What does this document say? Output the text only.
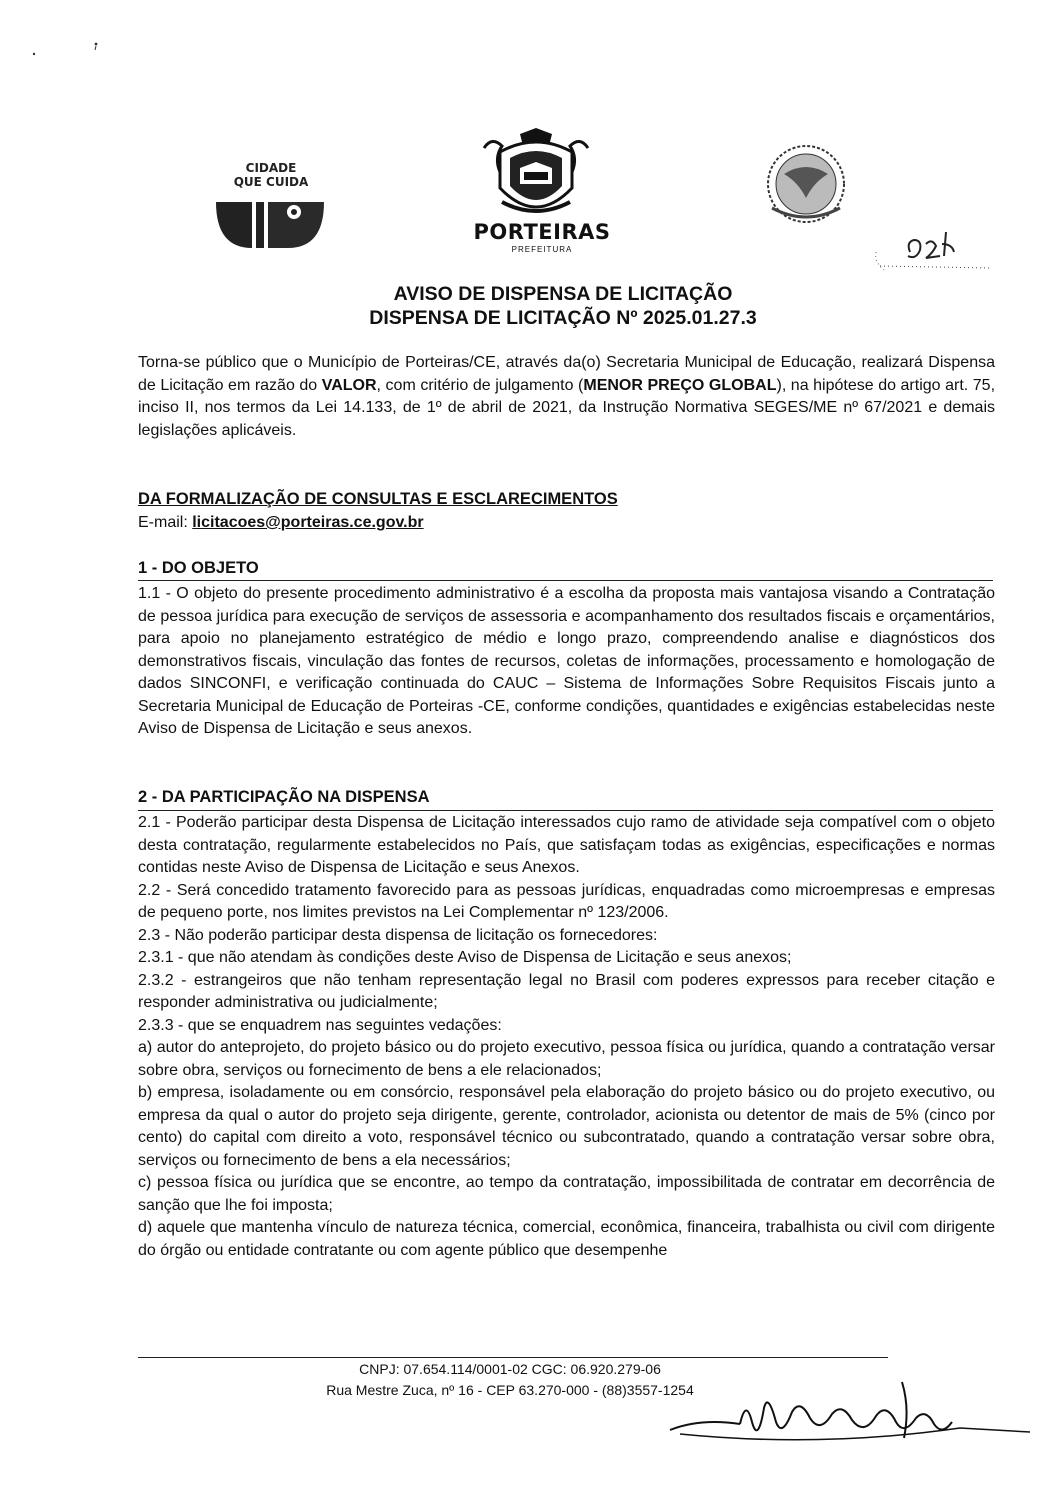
CIDADE
QUE CUIDA
PORTEIRAS
PREFEITURA
AVISO DE DISPENSA DE LICITAÇÃO
DISPENSA DE LICITAÇÃO Nº 2025.01.27.3

Torna-se público que o Município de Porteiras/CE, através da(o) Secretaria Municipal de Educação, realizará Dispensa de Licitação em razão do VALOR, com critério de julgamento (MENOR PREÇO GLOBAL), na hipótese do artigo art. 75, inciso II, nos termos da Lei 14.133, de 1º de abril de 2021, da Instrução Normativa SEGES/ME nº 67/2021 e demais legislações aplicáveis.

DA FORMALIZAÇÃO DE CONSULTAS E ESCLARECIMENTOS
E-mail: licitacoes@porteiras.ce.gov.br
1 - DO OBJETO
1.1 - O objeto do presente procedimento administrativo é a escolha da proposta mais vantajosa visando a Contratação de pessoa jurídica para execução de serviços de assessoria e acompanhamento dos resultados fiscais e orçamentários, para apoio no planejamento estratégico de médio e longo prazo, compreendendo analise e diagnósticos dos demonstrativos fiscais, vinculação das fontes de recursos, coletas de informações, processamento e homologação de dados SINCONFI, e verificação continuada do CAUC – Sistema de Informações Sobre Requisitos Fiscais junto a Secretaria Municipal de Educação de Porteiras -CE, conforme condições, quantidades e exigências estabelecidas neste Aviso de Dispensa de Licitação e seus anexos.
2 - DA PARTICIPAÇÃO NA DISPENSA

2.1 - Poderão participar desta Dispensa de Licitação interessados cujo ramo de atividade seja compatível com o objeto desta contratação, regularmente estabelecidos no País, que satisfaçam todas as exigências, especificações e normas contidas neste Aviso de Dispensa de Licitação e seus Anexos.

2.2 - Será concedido tratamento favorecido para as pessoas jurídicas, enquadradas como microempresas e empresas de pequeno porte, nos limites previstos na Lei Complementar nº 123/2006.

2.3 - Não poderão participar desta dispensa de licitação os fornecedores:

2.3.1 - que não atendam às condições deste Aviso de Dispensa de Licitação e seus anexos;

2.3.2 - estrangeiros que não tenham representação legal no Brasil com poderes expressos para receber citação e responder administrativa ou judicialmente;

2.3.3 - que se enquadrem nas seguintes vedações:

a) autor do anteprojeto, do projeto básico ou do projeto executivo, pessoa física ou jurídica, quando a contratação versar sobre obra, serviços ou fornecimento de bens a ele relacionados;

b) empresa, isoladamente ou em consórcio, responsável pela elaboração do projeto básico ou do projeto executivo, ou empresa da qual o autor do projeto seja dirigente, gerente, controlador, acionista ou detentor de mais de 5% (cinco por cento) do capital com direito a voto, responsável técnico ou subcontratado, quando a contratação versar sobre obra, serviços ou fornecimento de bens a ela necessários;

c) pessoa física ou jurídica que se encontre, ao tempo da contratação, impossibilitada de contratar em decorrência de sanção que lhe foi imposta;

d) aquele que mantenha vínculo de natureza técnica, comercial, econômica, financeira, trabalhista ou civil com dirigente do órgão ou entidade contratante ou com agente público que desempenhe

CNPJ: 07.654.114/0001-02 CGC: 06.920.279-06
Rua Mestre Zuca, nº 16 - CEP 63.270-000 - (88)3557-1254
